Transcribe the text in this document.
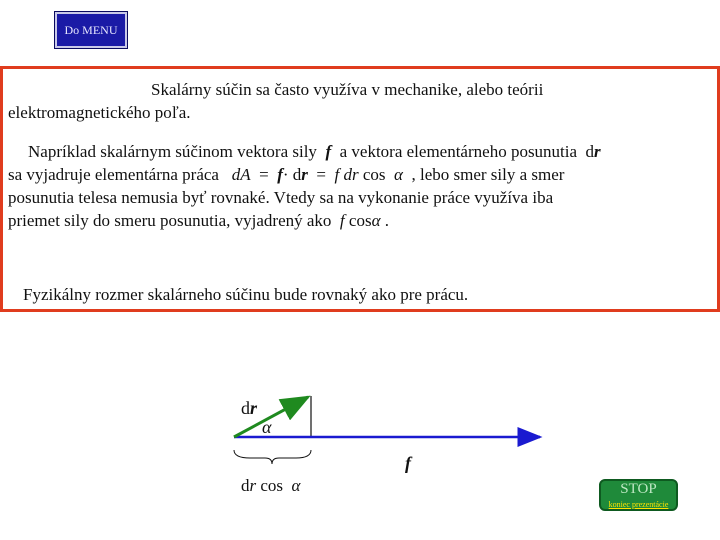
Do MENU
Skalárny súčin sa často využíva v mechanike, alebo teórii
elektromagnetického poľa.
Napríklad skalárnym súčinom vektora sily f a vektora elementárneho posunutia dr
sa vyjadruje elementárna práca dA = f· dr = f dr cos α , lebo smer sily a smer
posunutia telesa nemusia byť rovnaké. Vtedy sa na vykonanie práce využíva iba
priemet sily do smeru posunutia, vyjadrený ako f cosα .
Fyzikálny rozmer skalárneho súčinu bude rovnaký ako pre prácu.
dr
α
f
dr cos α	STOP
koniec prezentácie
